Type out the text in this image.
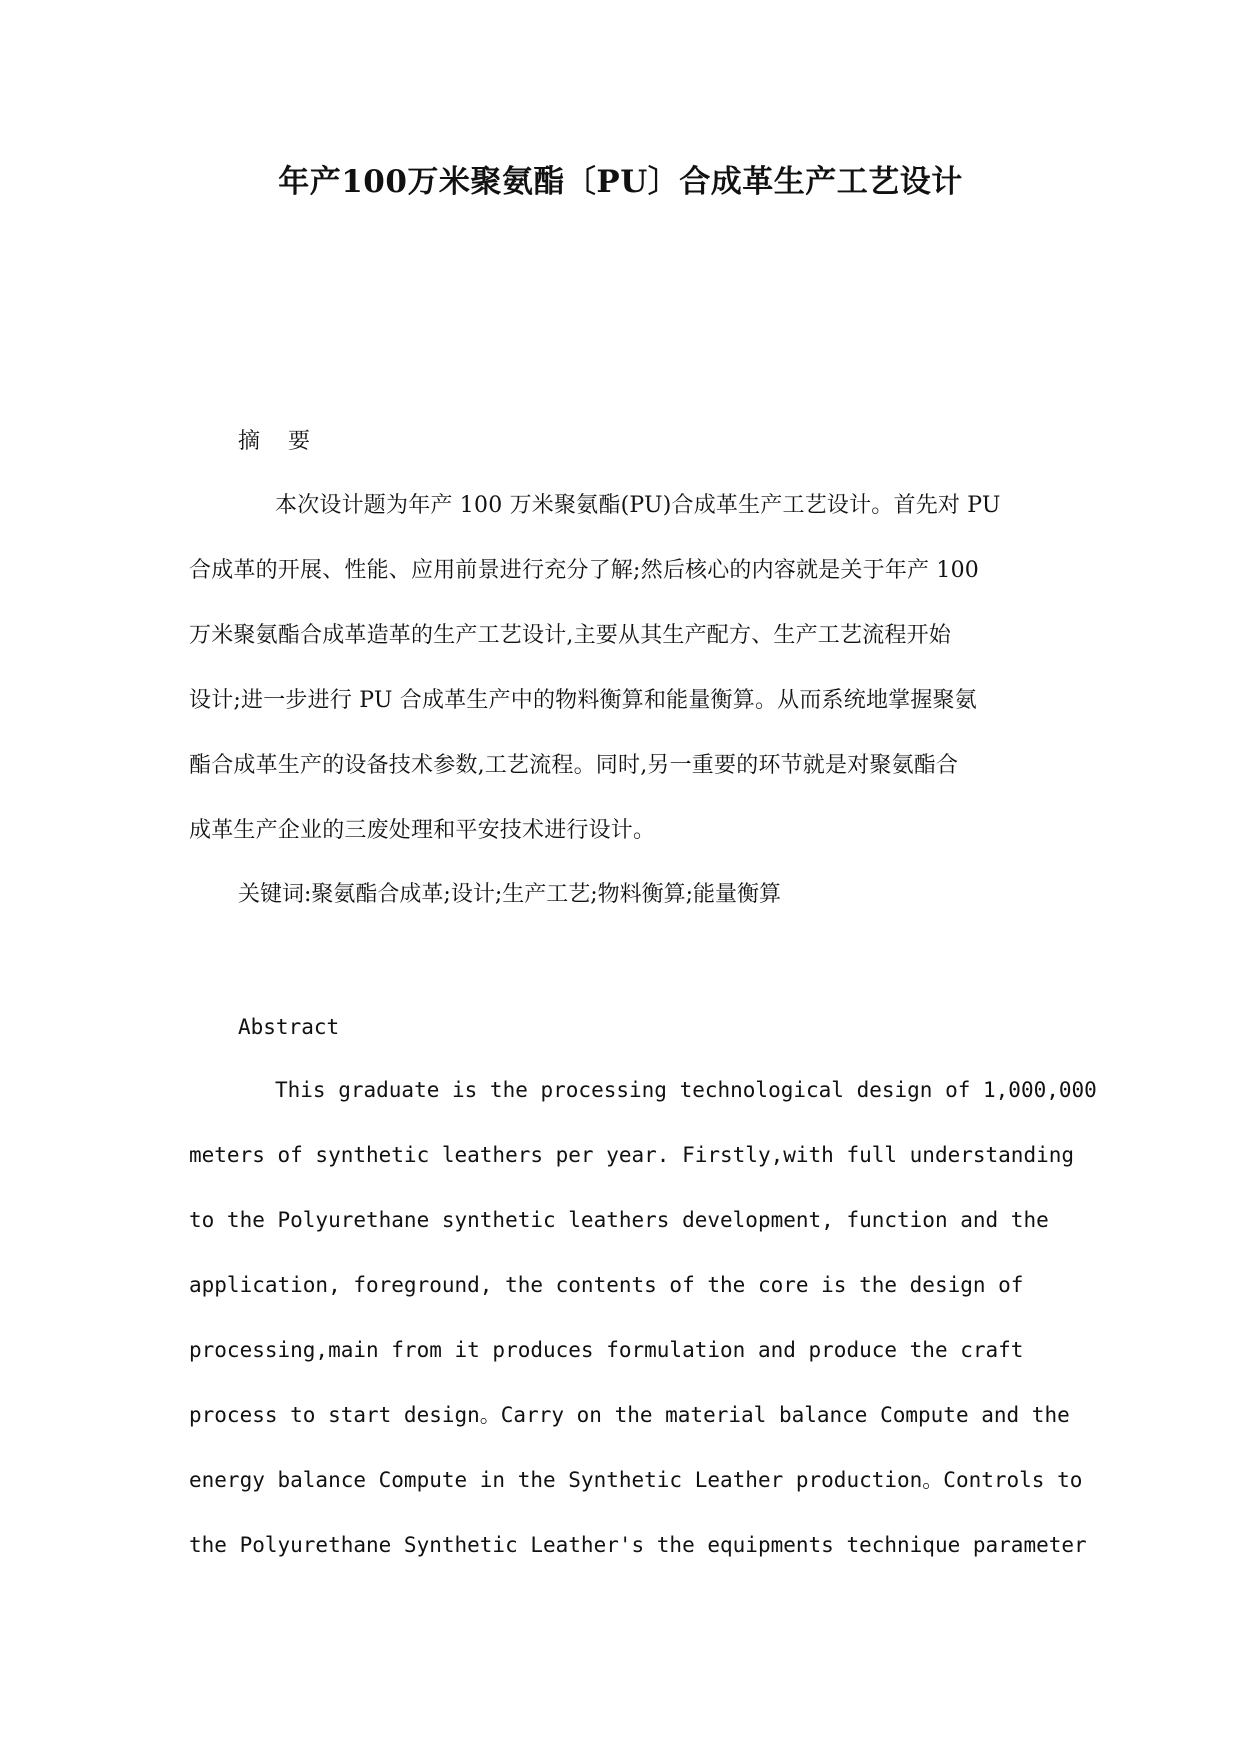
年产100万米聚氨酯〔PU〕合成革生产工艺设计
摘    要
本次设计题为年产 100 万米聚氨酯(PU)合成革生产工艺设计。首先对 PU
合成革的开展、性能、应用前景进行充分了解;然后核心的内容就是关于年产 100
万米聚氨酯合成革造革的生产工艺设计,主要从其生产配方、生产工艺流程开始
设计;进一步进行 PU 合成革生产中的物料衡算和能量衡算。从而系统地掌握聚氨
酯合成革生产的设备技术参数,工艺流程。同时,另一重要的环节就是对聚氨酯合
成革生产企业的三废处理和平安技术进行设计。
关键词:聚氨酯合成革;设计;生产工艺;物料衡算;能量衡算
Abstract
This graduate is the processing technological design of 1,000,000
meters of synthetic leathers per year. Firstly,with full understanding
to the Polyurethane synthetic leathers development, function and the
application, foreground, the contents of the core is the design of
processing,main from it produces formulation and produce the craft
process to start design。Carry on the material balance Compute and the
energy balance Compute in the Synthetic Leather production。Controls to
the Polyurethane Synthetic Leather's the equipments technique parameter
